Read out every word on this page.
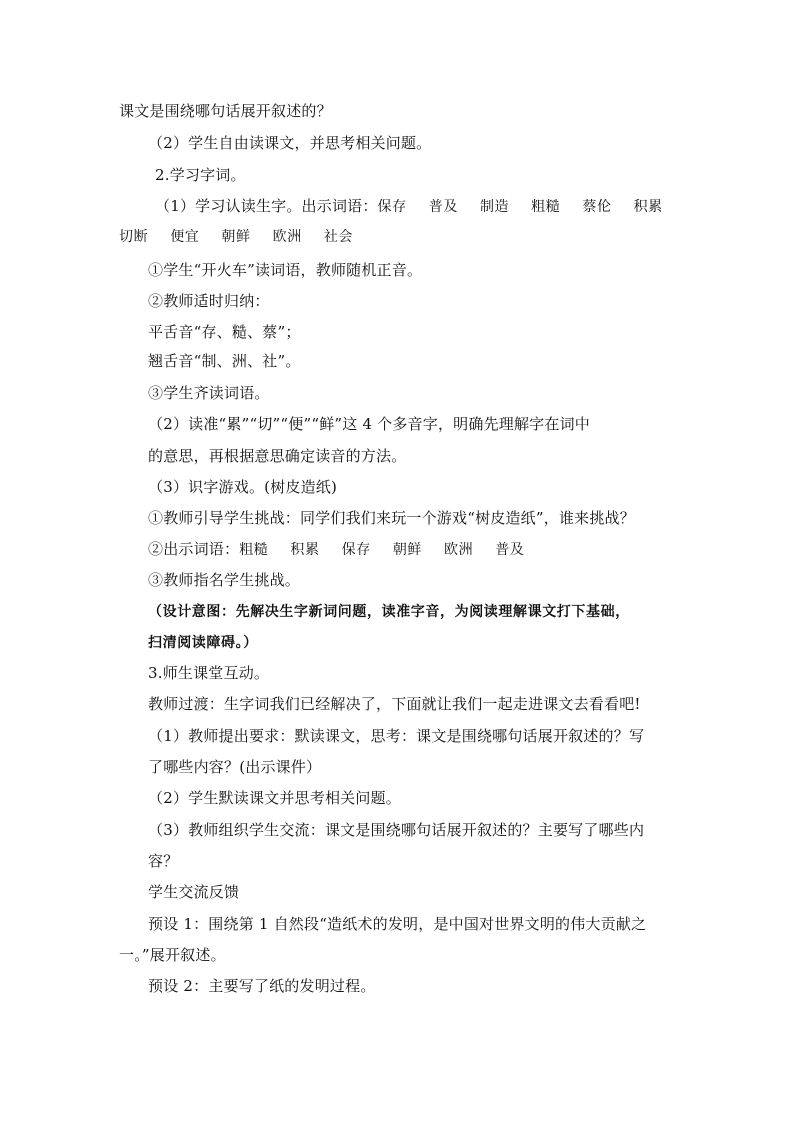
课文是围绕哪句话展开叙述的？
（2）学生自由读课文，并思考相关问题。
2.学习字词。
（1）学习认读生字。出示词语：保存 普及 制造 粗糙 蔡伦 积累
切断 便宜 朝鲜 欧洲 社会
①学生“开火车”读词语，教师随机正音。
②教师适时归纳：
平舌音“存、糙、蔡”；
翘舌音“制、洲、社”。
③学生齐读词语。
（2）读准“累”“切”“便”“鲜”这 4 个多音字，明确先理解字在词中
的意思，再根据意思确定读音的方法。
（3）识字游戏。(树皮造纸)
①教师引导学生挑战：同学们我们来玩一个游戏“树皮造纸”，谁来挑战？
②出示词语：粗糙 积累 保存 朝鲜 欧洲 普及
③教师指名学生挑战。
（设计意图：先解决生字新词问题，读准字音，为阅读理解课文打下基础，
扫清阅读障碍。）
3.师生课堂互动。
教师过渡：生字词我们已经解决了，下面就让我们一起走进课文去看看吧!
（1）教师提出要求：默读课文，思考：课文是围绕哪句话展开叙述的？写
了哪些内容？(出示课件）
（2）学生默读课文并思考相关问题。
（3）教师组织学生交流：课文是围绕哪句话展开叙述的？主要写了哪些内
容？
学生交流反馈
预设 1：围绕第 1 自然段“造纸术的发明，是中国对世界文明的伟大贡献之
一。”展开叙述。
预设 2：主要写了纸的发明过程。
